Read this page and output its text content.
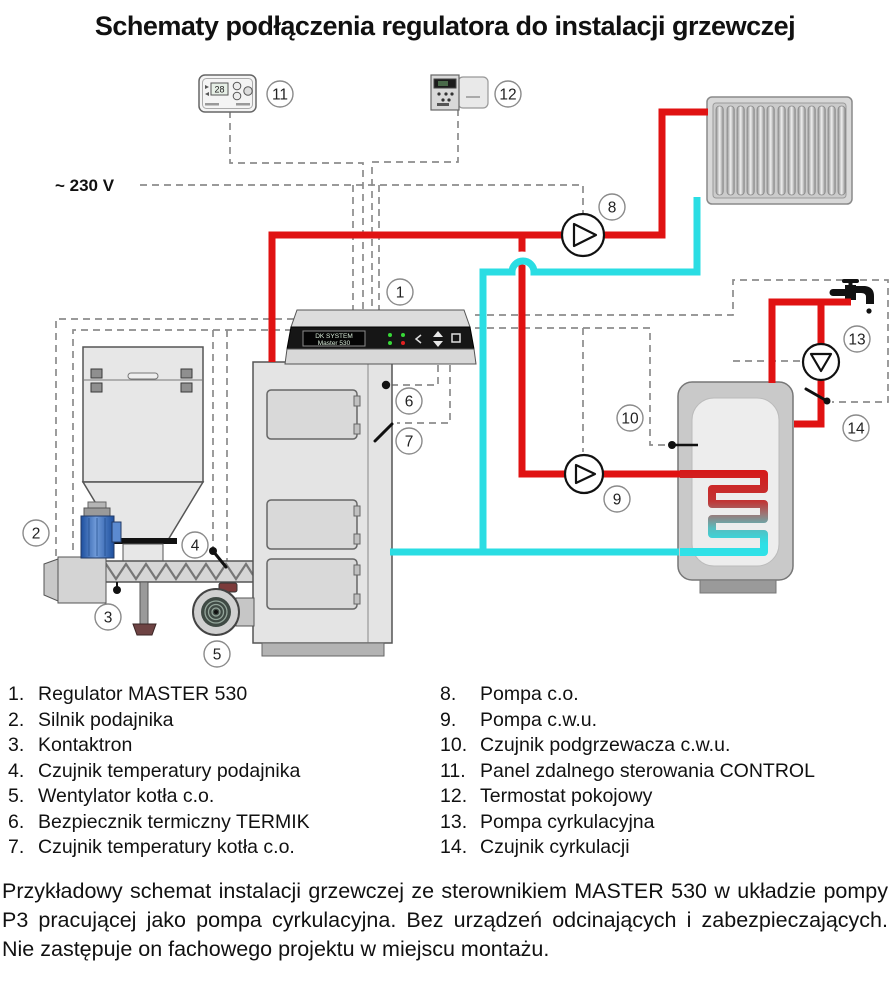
Schematy podłączenia regulatora do instalacji grzewczej
DK SYSTEM
Master 530
28
1
2
3
4
5
6
7
8
9
10
11	12
13
14
~ 230 V
1. Regulator MASTER 530
2. Silnik podajnika
3. Kontaktron
4. Czujnik temperatury podajnika
5. Wentylator kotła c.o.
6. Bezpiecznik termiczny TERMIK
7. Czujnik temperatury kotła c.o.
8.	Pompa c.o.
9.	Pompa c.w.u.
10. Czujnik podgrzewacza c.w.u.
11. Panel zdalnego sterowania CONTROL
12. Termostat pokojowy
13. Pompa cyrkulacyjna
14. Czujnik cyrkulacji
Przykładowy schemat instalacji grzewczej ze sterownikiem MASTER 530 w układzie pompy P3 pracującej jako pompa cyrkulacyjna. Bez urządzeń odcinających i zabezpieczających. Nie zastępuje on fachowego projektu w miejscu montażu.
